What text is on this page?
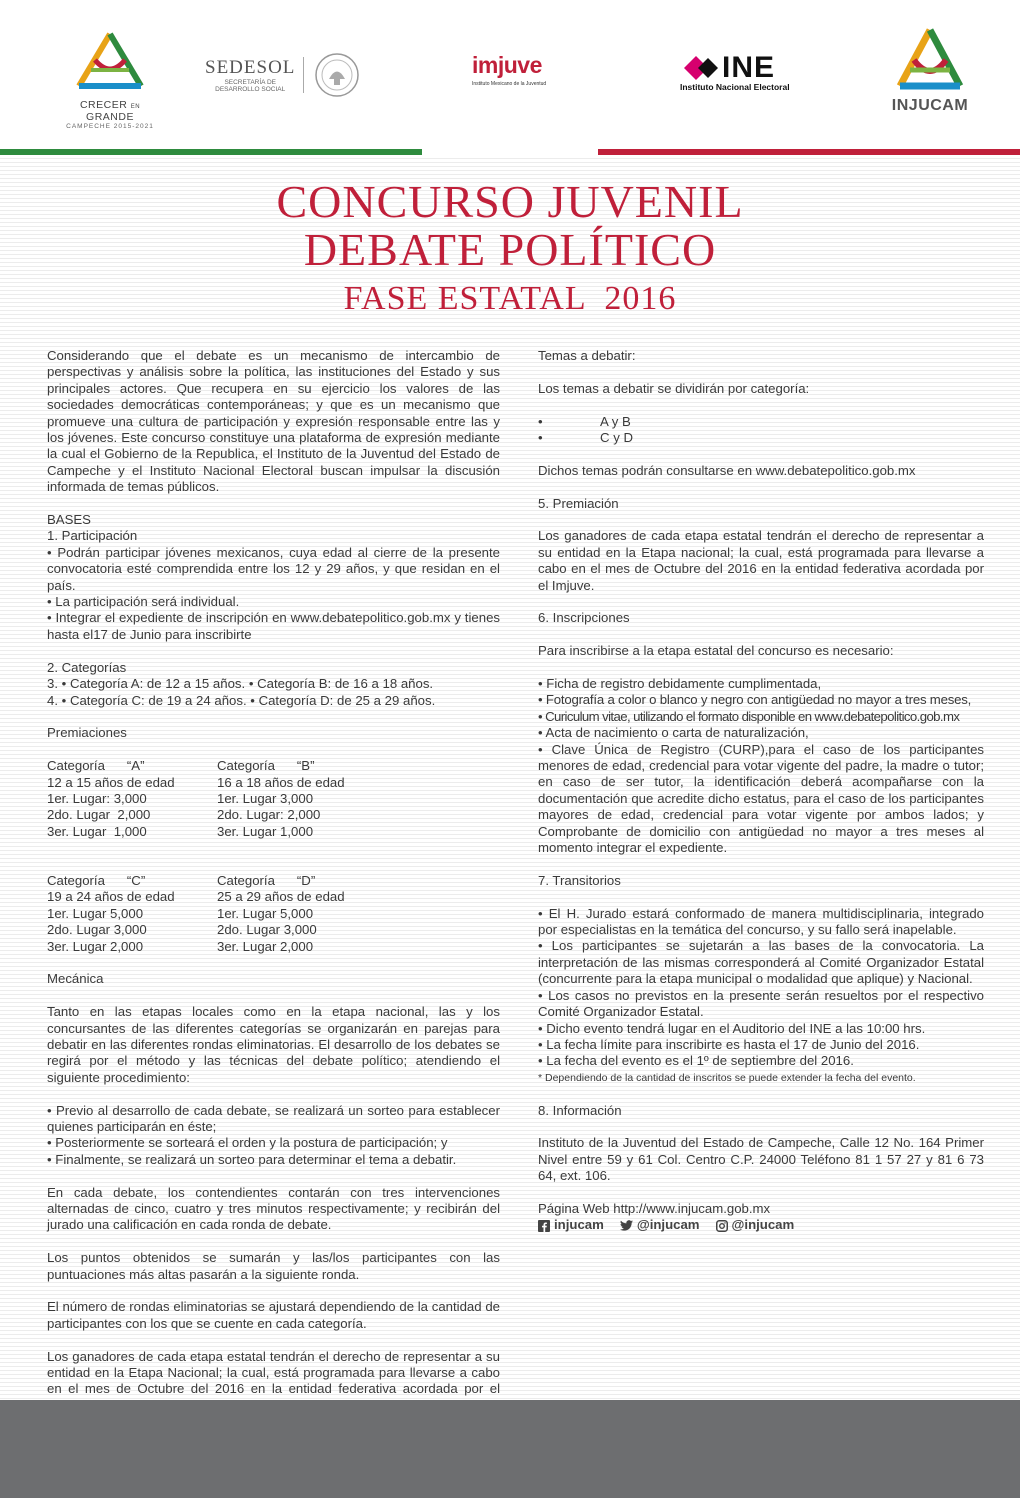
CRECER EN GRANDE
CAMPECHE 2015-2021
SEDESOL
SECRETARÍA DE
DESARROLLO SOCIAL
imjuve
Instituto Mexicano de la Juventud	INE
Instituto Nacional Electoral
INJUCAM
CONCURSO JUVENIL
DEBATE POLÍTICO
FASE ESTATAL  2016

Considerando que el debate es un mecanismo de intercambio de perspectivas y análisis sobre la política, las instituciones del Estado y sus principales actores. Que recupera en su ejercicio los valores de las sociedades democráticas contemporáneas; y que es un mecanismo que promueve una cultura de participación y expresión responsable entre las y los jóvenes. Este concurso constituye una plataforma de expresión mediante la cual el Gobierno de la Republica, el Instituto de la Juventud del Estado de Campeche y el Instituto Nacional Electoral buscan impulsar la discusión informada de temas públicos.

BASES

1. Participación

• Podrán participar jóvenes mexicanos, cuya edad al cierre de la presente convocatoria esté comprendida entre los 12 y 29 años, y que residan en el país.

• La participación será individual.

• Integrar el expediente de inscripción en www.debatepolitico.gob.mx y tienes hasta el17 de Junio para inscribirte

2. Categorías

3. • Categoría A: de 12 a 15 años. • Categoría B: de 16 a 18 años.

4. • Categoría C: de 19 a 24 años. • Categoría D: de 25 a 29 años.

Premiaciones

Categoría      “A”	Categoría      “B”

12 a 15 años de edad	16 a 18 años de edad

1er. Lugar: 3,000	1er. Lugar 3,000

2do. Lugar  2,000	2do. Lugar: 2,000

3er. Lugar  1,000	3er. Lugar 1,000

Categoría      “C”	Categoría      “D”

19 a 24 años de edad	25 a 29 años de edad

1er. Lugar 5,000	1er. Lugar 5,000

2do. Lugar 3,000	2do. Lugar 3,000

3er. Lugar 2,000	3er. Lugar 2,000

Mecánica

Tanto en las etapas locales como en la etapa nacional, las y los concursantes de las diferentes categorías se organizarán en parejas para debatir en las diferentes rondas eliminatorias. El desarrollo de los debates se regirá por el método y las técnicas del debate político; atendiendo el siguiente procedimiento:

• Previo al desarrollo de cada debate, se realizará un sorteo para establecer quienes participarán en éste;

• Posteriormente se sorteará el orden y la postura de participación; y

• Finalmente, se realizará un sorteo para determinar el tema a debatir.

En cada debate, los contendientes contarán con tres intervenciones alternadas de cinco, cuatro y tres minutos respectivamente; y recibirán del jurado una calificación en cada ronda de debate.

Los puntos obtenidos se sumarán y las/los participantes con las puntuaciones más altas pasarán a la siguiente ronda.

El número de rondas eliminatorias se ajustará dependiendo de la cantidad de participantes con los que se cuente en cada categoría.

Los ganadores de cada etapa estatal tendrán el derecho de representar a su entidad en la Etapa Nacional; la cual, está programada para llevarse a cabo en el mes de Octubre del 2016 en la entidad federativa acordada por el

Temas a debatir:

Los temas a debatir se dividirán por categoría:

•	A y B
•	C y D

Dichos temas podrán consultarse en www.debatepolitico.gob.mx

5. Premiación

Los ganadores de cada etapa estatal tendrán el derecho de representar a su entidad en la Etapa nacional; la cual, está programada para llevarse a cabo en el mes de Octubre del 2016 en la entidad federativa acordada por el Imjuve.

6. Inscripciones

Para inscribirse a la etapa estatal del concurso es necesario:

• Ficha de registro debidamente cumplimentada,

• Fotografía a color o blanco y negro con antigüedad no mayor a tres meses,

• Curiculum vitae, utilizando el formato disponible en www.debatepolitico.gob.mx

• Acta de nacimiento o carta de naturalización,

• Clave Única de Registro (CURP),para el caso de los participantes menores de edad, credencial para votar vigente del padre, la madre o tutor; en caso de ser tutor, la identificación deberá acompañarse con la documentación que acredite dicho estatus, para el caso de los participantes mayores de edad, credencial para votar vigente por ambos lados; y Comprobante de domicilio con antigüedad no mayor a tres meses al momento integrar el expediente.

7. Transitorios

• El H. Jurado estará conformado de manera multidisciplinaria, integrado por especialistas en la temática del concurso, y su fallo será inapelable.

• Los participantes se sujetarán a las bases de la convocatoria. La interpretación de las mismas corresponderá al Comité Organizador Estatal (concurrente para la etapa municipal o modalidad que aplique) y Nacional.

• Los casos no previstos en la presente serán resueltos por el respectivo Comité Organizador Estatal.

• Dicho evento tendrá lugar en el Auditorio del INE a las 10:00 hrs.

• La fecha límite para inscribirte es hasta el 17 de Junio del 2016.

• La fecha del evento es el 1º de septiembre del 2016.

* Dependiendo de la cantidad de inscritos se puede extender la fecha del evento.

8. Información

Instituto de la Juventud del Estado de Campeche, Calle 12 No. 164 Primer Nivel entre 59 y 61 Col. Centro C.P. 24000 Teléfono 81 1 57 27 y 81 6 73 64, ext. 106.

Página Web http://www.injucam.gob.mx

injucam	@injucam @injucam
